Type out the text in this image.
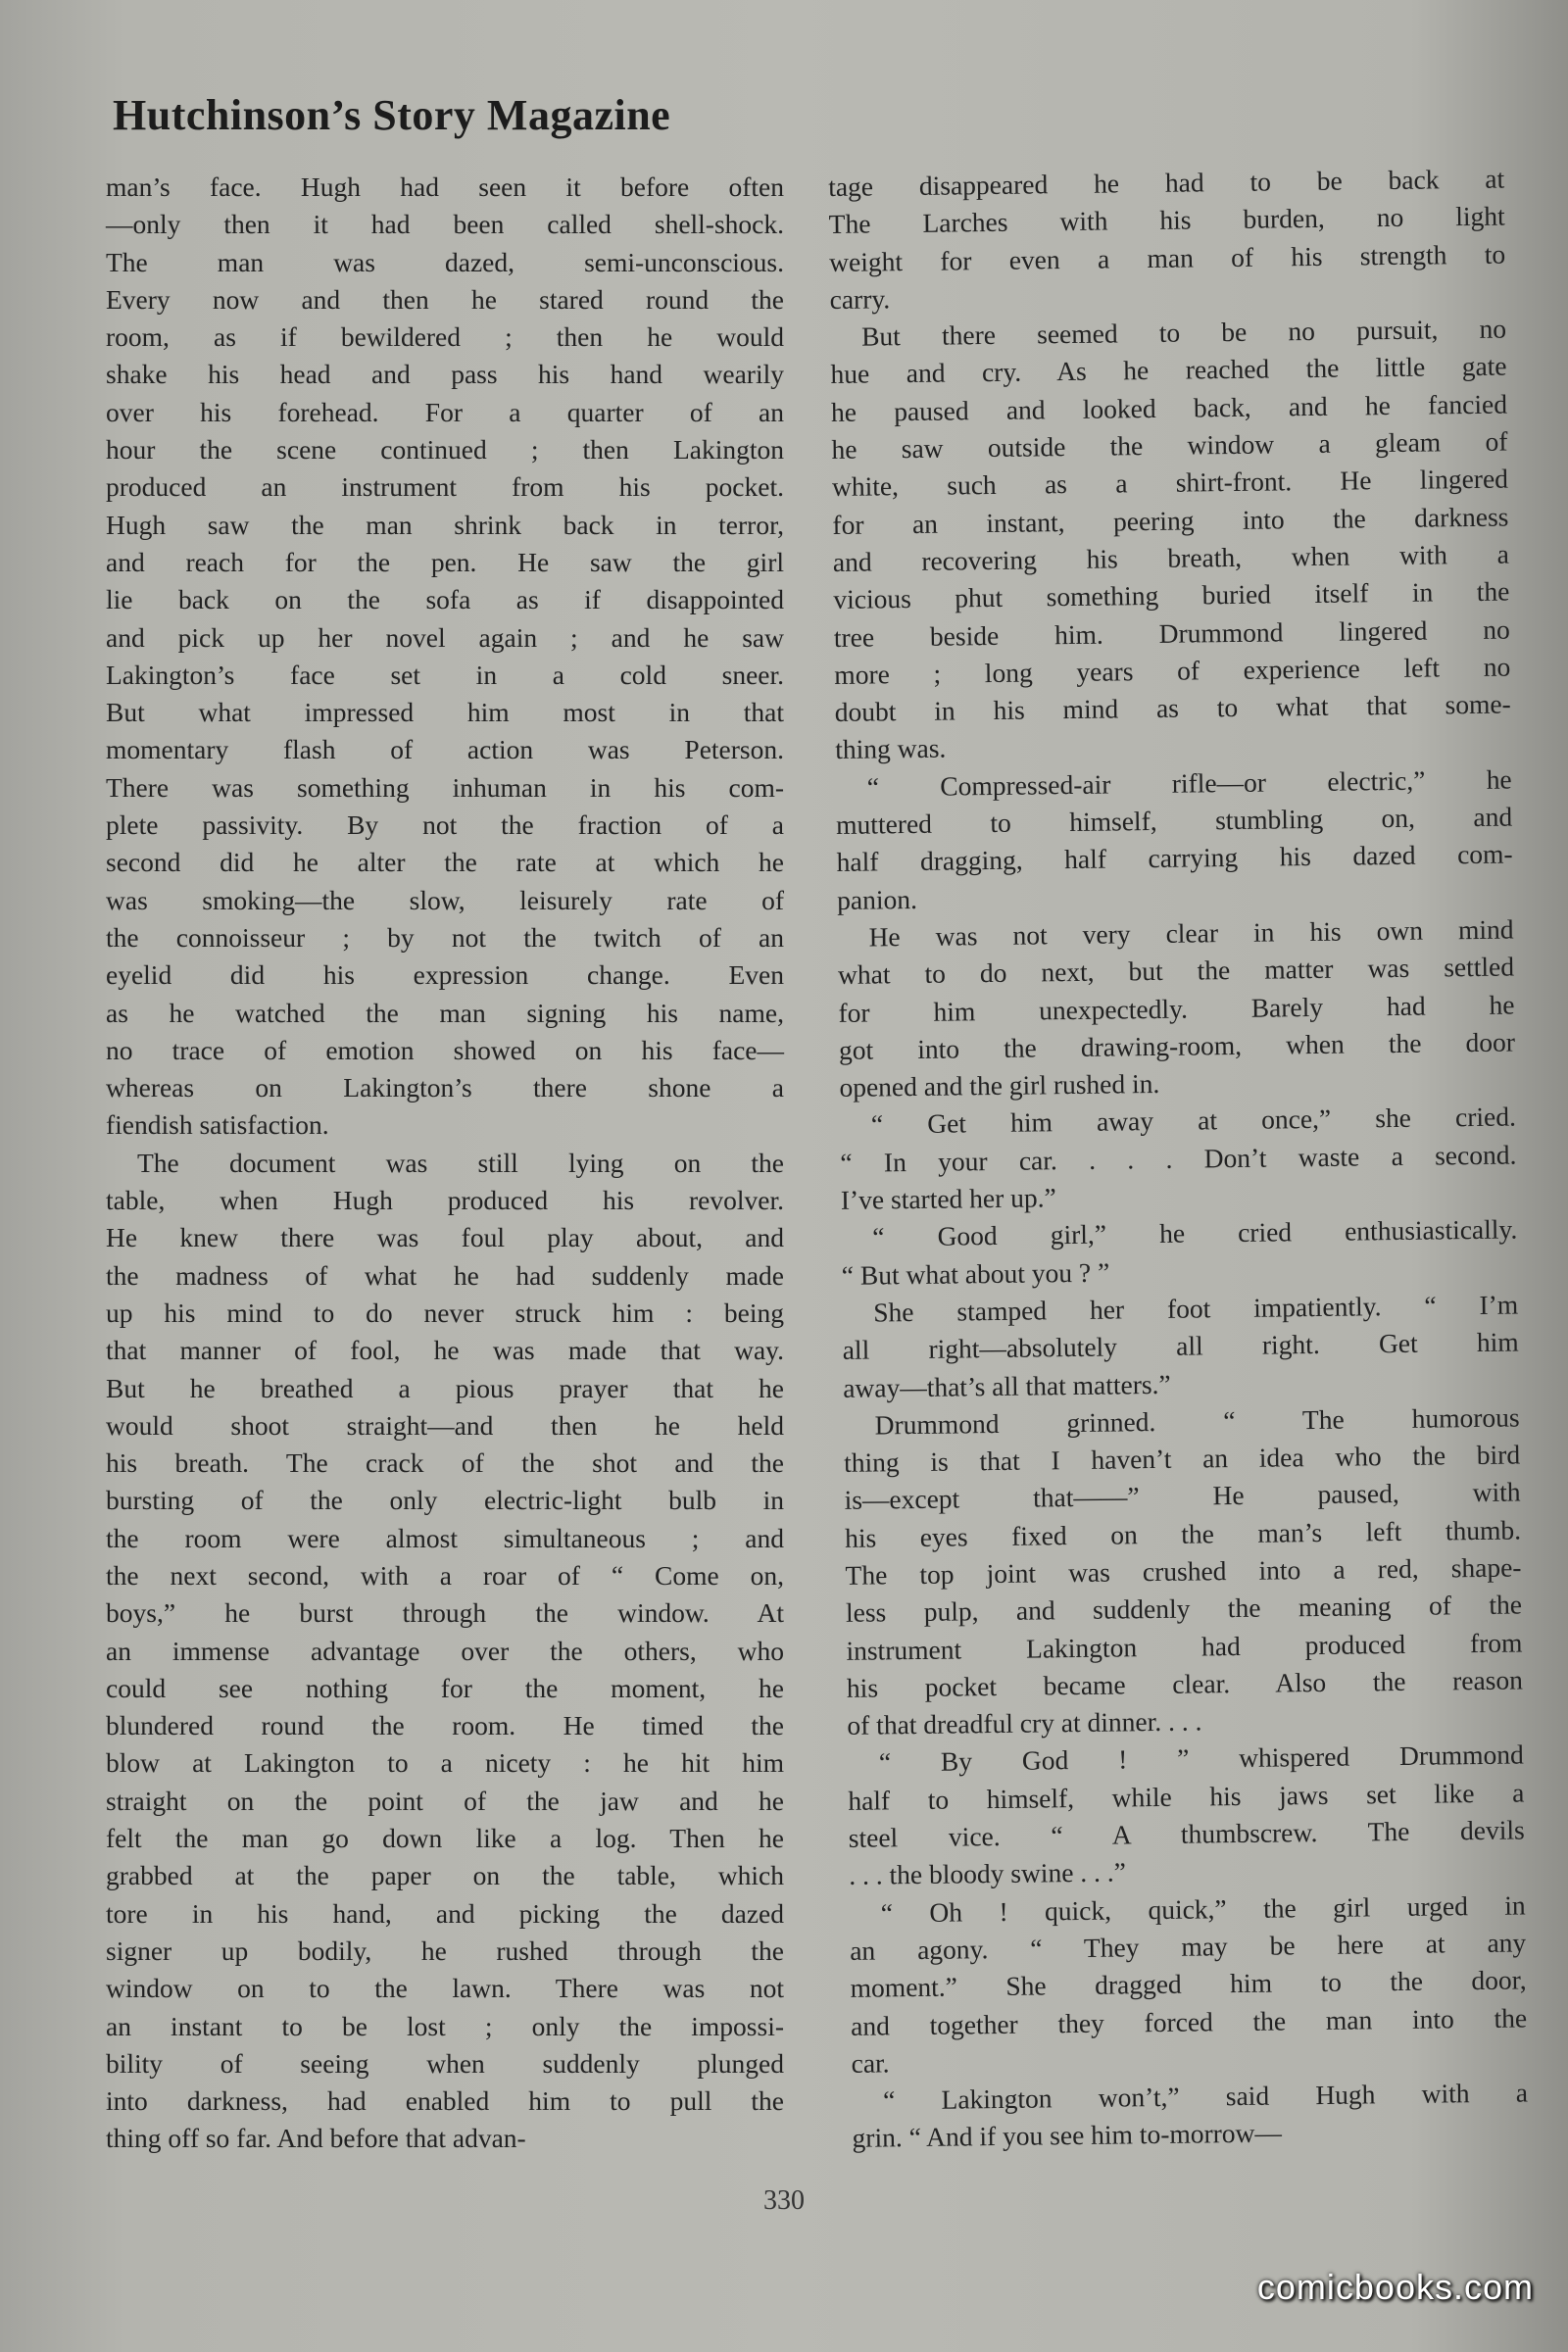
Hutchinson’s Story Magazine
man’s face. Hugh had seen it before often
—only then it had been called shell-shock.
The man was dazed, semi-unconscious.
Every now and then he stared round the
room, as if bewildered ; then he would
shake his head and pass his hand wearily
over his forehead. For a quarter of an
hour the scene continued ; then Lakington
produced an instrument from his pocket.
Hugh saw the man shrink back in terror,
and reach for the pen. He saw the girl
lie back on the sofa as if disappointed
and pick up her novel again ; and he saw
Lakington’s face set in a cold sneer.
But what impressed him most in that
momentary flash of action was Peterson.
There was something inhuman in his com-
plete passivity. By not the fraction of a
second did he alter the rate at which he
was smoking—the slow, leisurely rate of
the connoisseur ; by not the twitch of an
eyelid did his expression change. Even
as he watched the man signing his name,
no trace of emotion showed on his face—
whereas on Lakington’s there shone a
fiendish satisfaction.
The document was still lying on the
table, when Hugh produced his revolver.
He knew there was foul play about, and
the madness of what he had suddenly made
up his mind to do never struck him : being
that manner of fool, he was made that way.
But he breathed a pious prayer that he
would shoot straight—and then he held
his breath. The crack of the shot and the
bursting of the only electric-light bulb in
the room were almost simultaneous ; and
the next second, with a roar of “ Come on,
boys,” he burst through the window. At
an immense advantage over the others, who
could see nothing for the moment, he
blundered round the room. He timed the
blow at Lakington to a nicety : he hit him
straight on the point of the jaw and he
felt the man go down like a log. Then he
grabbed at the paper on the table, which
tore in his hand, and picking the dazed
signer up bodily, he rushed through the
window on to the lawn. There was not
an instant to be lost ; only the impossi-
bility of seeing when suddenly plunged
into darkness, had enabled him to pull the
thing off so far. And before that advan-
tage disappeared he had to be back at
The Larches with his burden, no light
weight for even a man of his strength to
carry.
But there seemed to be no pursuit, no
hue and cry. As he reached the little gate
he paused and looked back, and he fancied
he saw outside the window a gleam of
white, such as a shirt-front. He lingered
for an instant, peering into the darkness
and recovering his breath, when with a
vicious phut something buried itself in the
tree beside him. Drummond lingered no
more ; long years of experience left no
doubt in his mind as to what that some-
thing was.
“ Compressed-air rifle—or electric,” he
muttered to himself, stumbling on, and
half dragging, half carrying his dazed com-
panion.
He was not very clear in his own mind
what to do next, but the matter was settled
for him unexpectedly. Barely had he
got into the drawing-room, when the door
opened and the girl rushed in.
“ Get him away at once,” she cried.
“ In your car. . . . Don’t waste a second.
I’ve started her up.”
“ Good girl,” he cried enthusiastically.
“ But what about you ? ”
She stamped her foot impatiently. “ I’m
all right—absolutely all right. Get him
away—that’s all that matters.”
Drummond grinned. “ The humorous
thing is that I haven’t an idea who the bird
is—except that——” He paused, with
his eyes fixed on the man’s left thumb.
The top joint was crushed into a red, shape-
less pulp, and suddenly the meaning of the
instrument Lakington had produced from
his pocket became clear. Also the reason
of that dreadful cry at dinner. . . .
“ By God ! ” whispered Drummond
half to himself, while his jaws set like a
steel vice. “ A thumbscrew. The devils
. . . the bloody swine . . .”
“ Oh ! quick, quick,” the girl urged in
an agony. “ They may be here at any
moment.” She dragged him to the door,
and together they forced the man into the
car.
“ Lakington won’t,” said Hugh with a
grin. “ And if you see him to-morrow—
330
comicbooks.com
